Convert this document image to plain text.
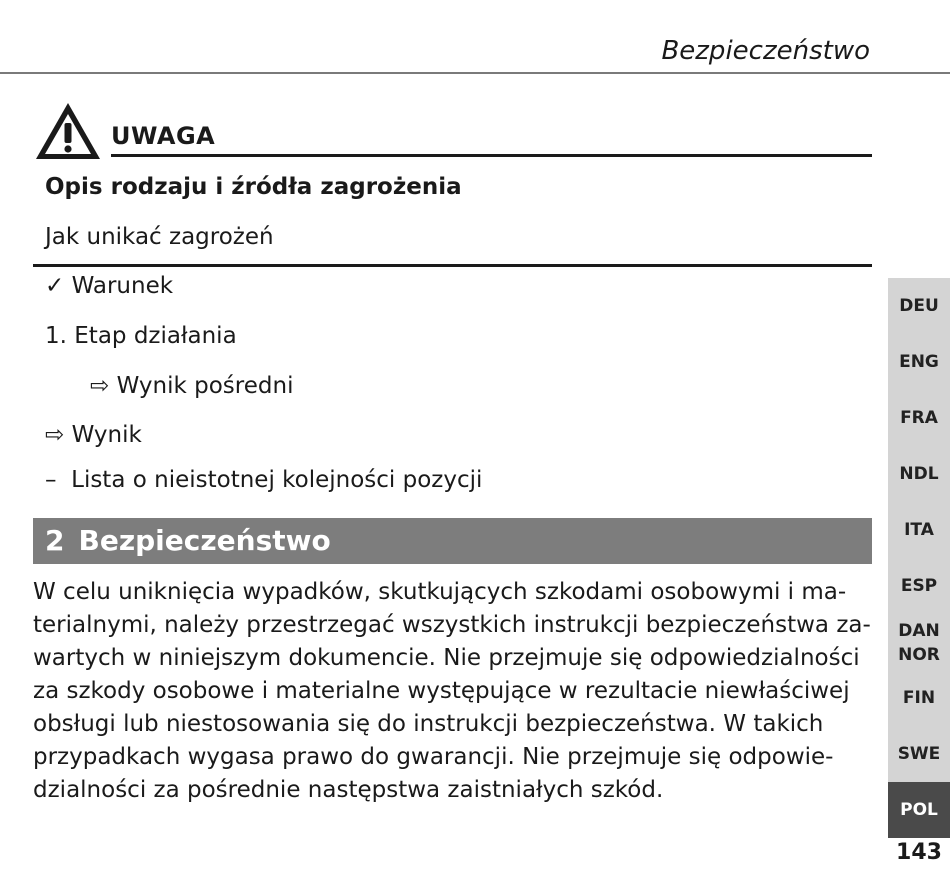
Bezpieczeństwo
UWAGA
Opis rodzaju i źródła zagrożenia
Jak unikać zagrożeń
✓ Warunek
1. Etap działania
⇨ Wynik pośredni
⇨ Wynik
– Lista o nieistotnej kolejności pozycji
2 Bezpieczeństwo
W celu uniknięcia wypadków, skutkujących szkodami osobowymi i ma-
terialnymi, należy przestrzegać wszystkich instrukcji bezpieczeństwa za-
wartych w niniejszym dokumencie. Nie przejmuje się odpowiedzialności
za szkody osobowe i materialne występujące w rezultacie niewłaściwej
obsługi lub niestosowania się do instrukcji bezpieczeństwa. W takich
przypadkach wygasa prawo do gwarancji. Nie przejmuje się odpowie-
dzialności za pośrednie następstwa zaistniałych szkód.
DEU
ENG
FRA
NDL
ITA
ESP
DAN
NOR
FIN
SWE
POL
143
